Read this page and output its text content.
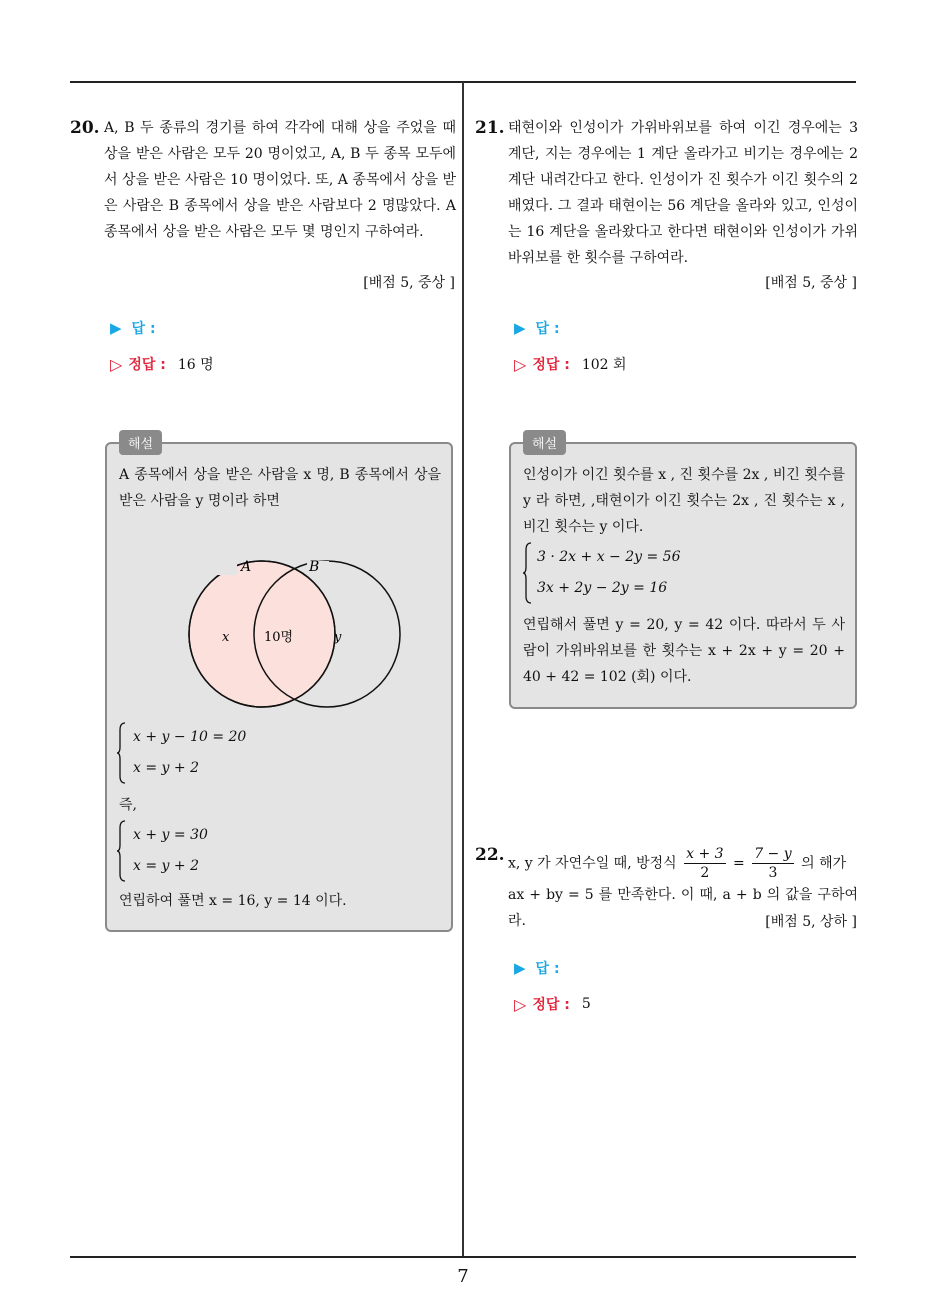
20. A, B 두 종류의 경기를 하여 각각에 대해 상을 주었을 때 상을 받은 사람은 모두 20 명이었고, A, B 두 종목 모두에서 상을 받은 사람은 10 명이었다. 또, A 종목에서 상을 받은 사람은 B 종목에서 상을 받은 사람보다 2 명많았다. A 종목에서 상을 받은 사람은 모두 몇 명인지 구하여라.
[배점 5, 중상 ]
▶ 답 :
▷ 정답 : 16 명
해설
A 종목에서 상을 받은 사람을 x 명, B 종목에서 상을 받은 사람을 y 명이라 하면
A	B
x	10명	y
x + y − 10 = 20
x = y + 2
즉,
x + y = 30
x = y + 2
연립하여 풀면 x = 16, y = 14 이다.
21. 태현이와 인성이가 가위바위보를 하여 이긴 경우에는 3 계단, 지는 경우에는 1 계단 올라가고 비기는 경우에는 2 계단 내려간다고 한다. 인성이가 진 횟수가 이긴 횟수의 2 배였다. 그 결과 태현이는 56 계단을 올라와 있고, 인성이는 16 계단을 올라왔다고 한다면 태현이와 인성이가 가위바위보를 한 횟수를 구하여라.
[배점 5, 중상 ]
▶ 답 :
▷ 정답 : 102 회
해설
인성이가 이긴 횟수를 x , 진 횟수를 2x , 비긴 횟수를 y 라 하면, ,태현이가 이긴 횟수는 2x , 진 횟수는 x , 비긴 횟수는 y 이다.
3 · 2x + x − 2y = 56
3x + 2y − 2y = 16
연립해서 풀면 y = 20, y = 42 이다. 따라서 두 사람이 가위바위보를 한 횟수는 x + 2x + y = 20 + 40 + 42 = 102 (회) 이다.
22. x, y 가 자연수일 때, 방정식 $\frac{x + 3}{2} = \frac{7 - y}{3}$ 의 해가
ax + by = 5 를 만족한다. 이 때, a + b 의 값을 구하여라.	[배점 5, 상하 ]
▶ 답 :
▷ 정답 : 5
7
